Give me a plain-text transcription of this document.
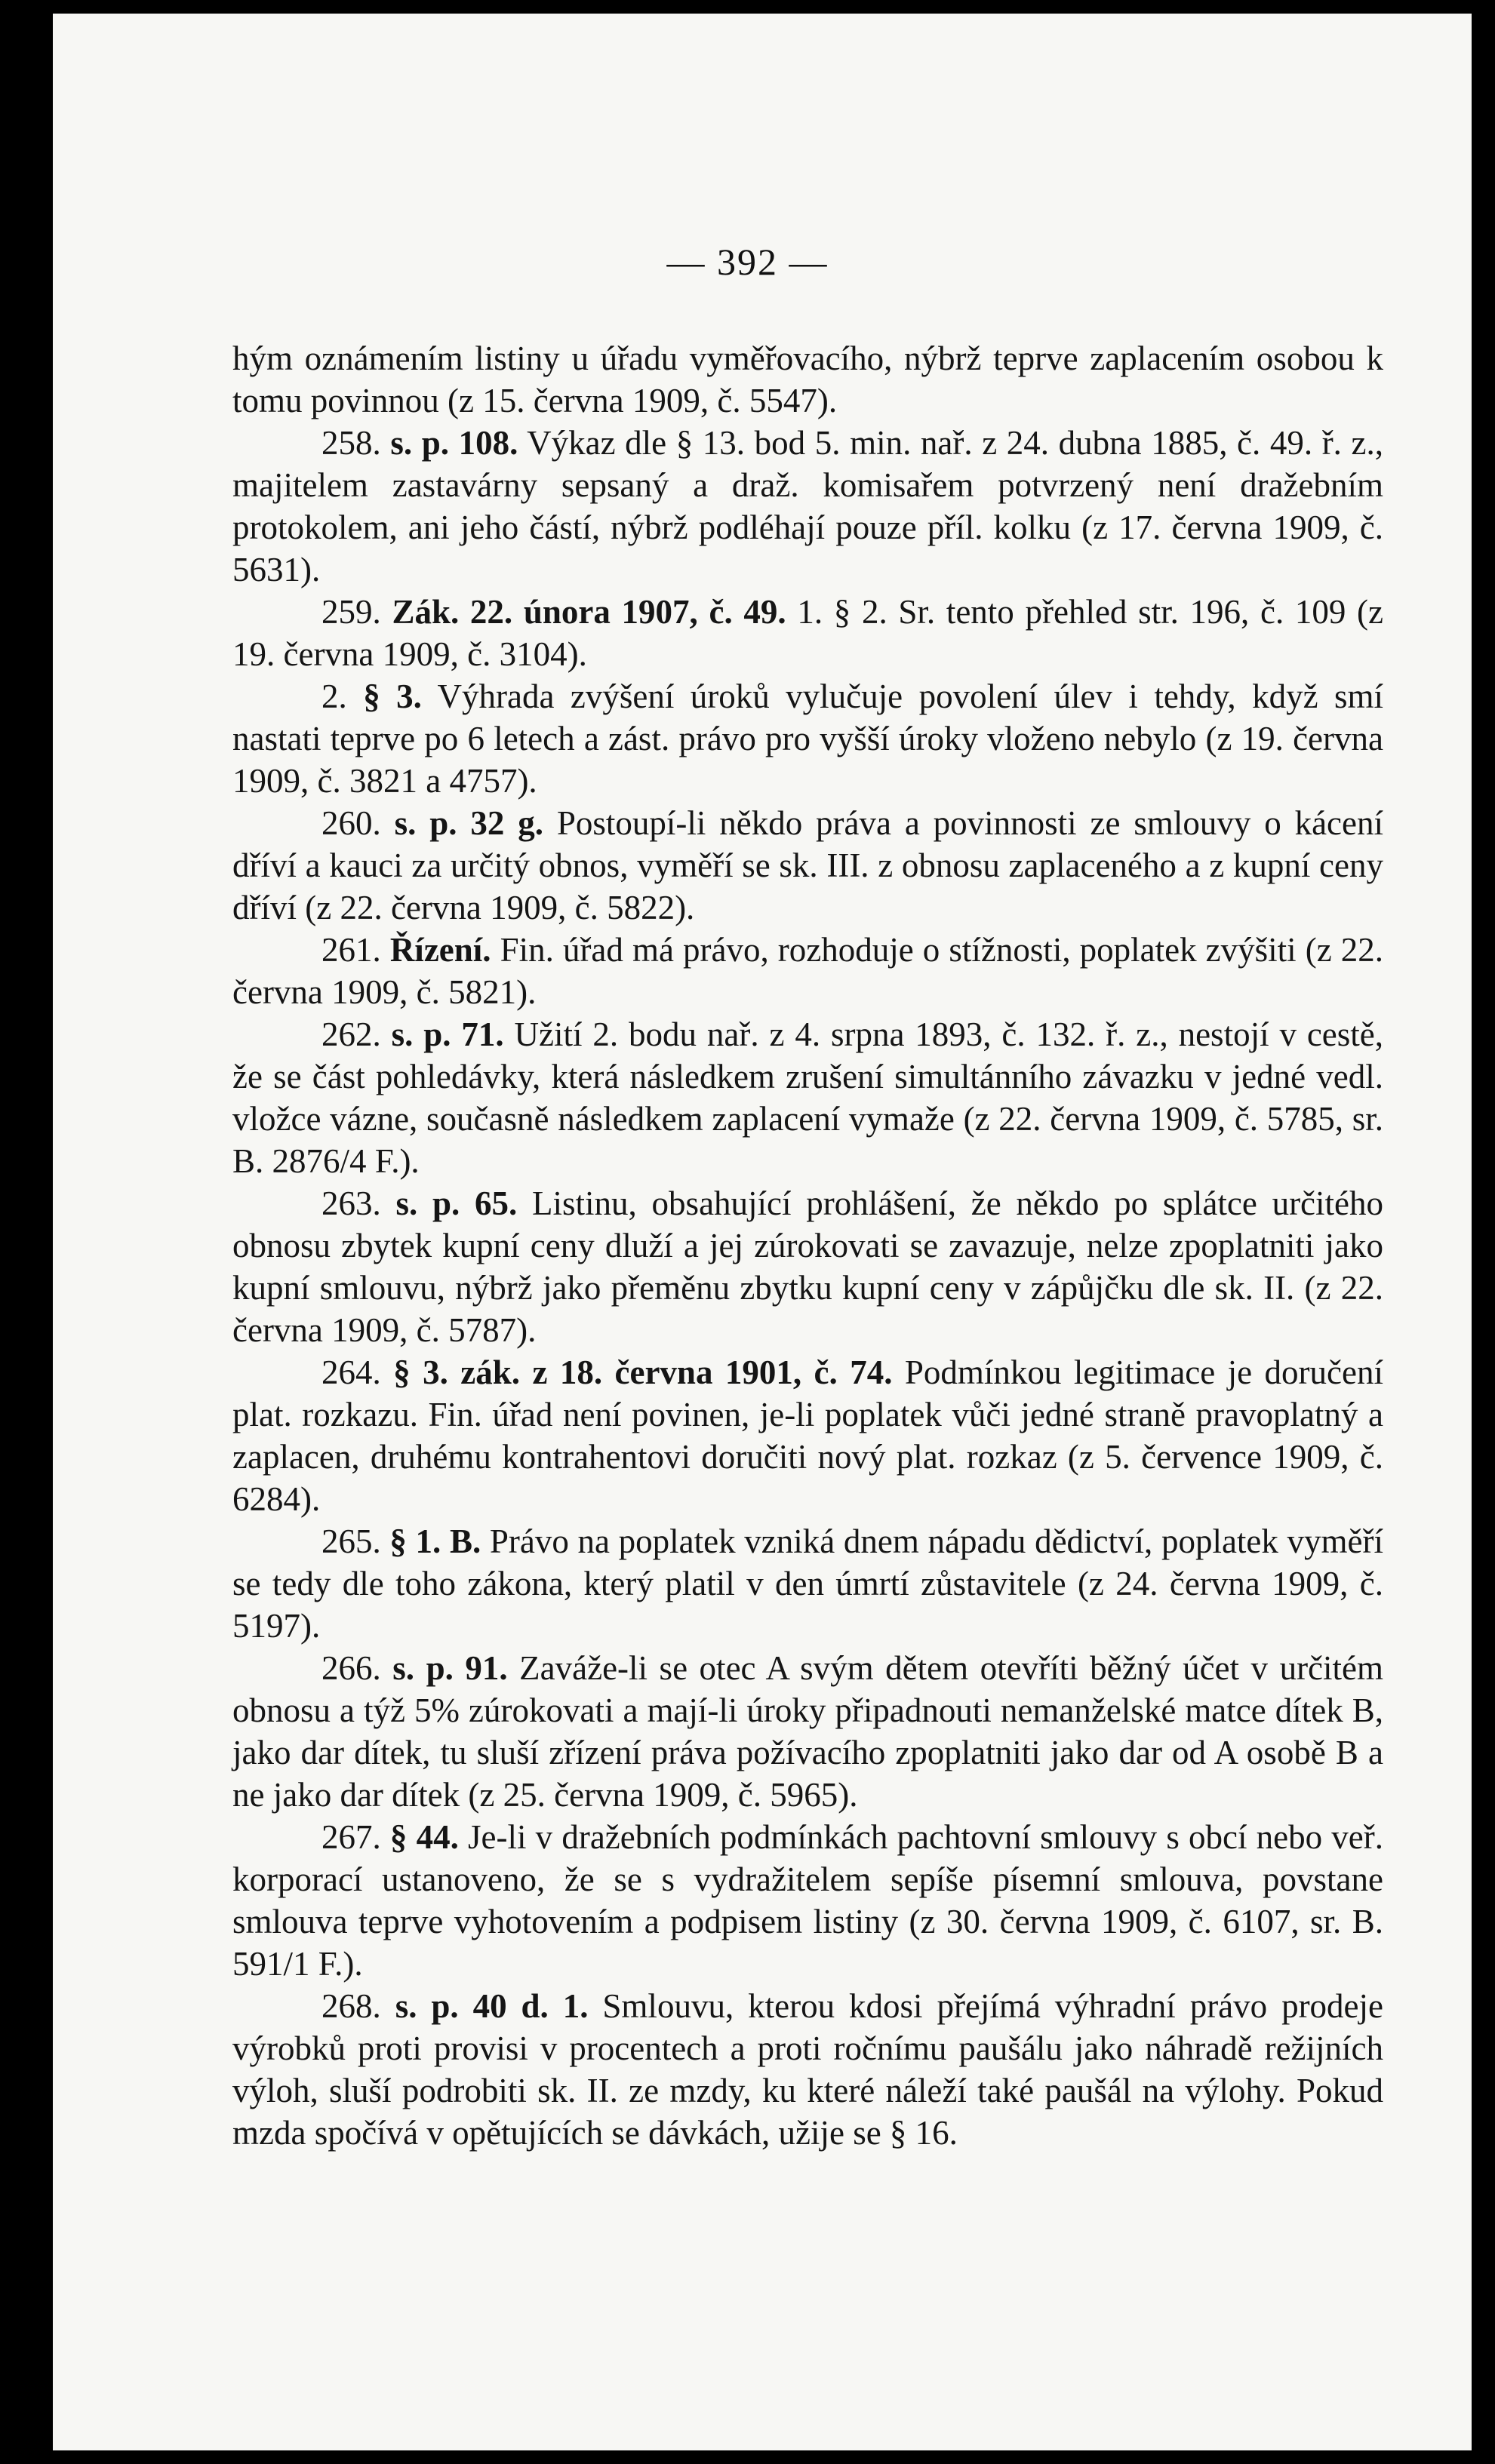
— 392 —

hým oznámením listiny u úřadu vyměřovacího, nýbrž teprve zaplacením osobou k tomu povinnou (z 15. června 1909, č. 5547).

258. s. p. 108. Výkaz dle § 13. bod 5. min. nař. z 24. dubna 1885, č. 49. ř. z., majitelem zastavárny sepsaný a draž. komisařem potvrzený není dražebním protokolem, ani jeho částí, nýbrž podléhají pouze příl. kolku (z 17. června 1909, č. 5631).

259. Zák. 22. února 1907, č. 49. 1. § 2. Sr. tento přehled str. 196, č. 109 (z 19. června 1909, č. 3104).

2. § 3. Výhrada zvýšení úroků vylučuje povolení úlev i tehdy, když smí nastati teprve po 6 letech a zást. právo pro vyšší úroky vloženo nebylo (z 19. června 1909, č. 3821 a 4757).

260. s. p. 32 g. Postoupí-li někdo práva a povinnosti ze smlouvy o kácení dříví a kauci za určitý obnos, vyměří se sk. III. z obnosu zaplaceného a z kupní ceny dříví (z 22. června 1909, č. 5822).

261. Řízení. Fin. úřad má právo, rozhoduje o stížnosti, poplatek zvýšiti (z 22. června 1909, č. 5821).

262. s. p. 71. Užití 2. bodu nař. z 4. srpna 1893, č. 132. ř. z., nestojí v cestě, že se část pohledávky, která následkem zrušení simultánního závazku v jedné vedl. vložce vázne, současně následkem zaplacení vymaže (z 22. června 1909, č. 5785, sr. B. 2876/4 F.).

263. s. p. 65. Listinu, obsahující prohlášení, že někdo po splátce určitého obnosu zbytek kupní ceny dluží a jej zúrokovati se zavazuje, nelze zpoplatniti jako kupní smlouvu, nýbrž jako přeměnu zbytku kupní ceny v zápůjčku dle sk. II. (z 22. června 1909, č. 5787).

264. § 3. zák. z 18. června 1901, č. 74. Podmínkou legitimace je doručení plat. rozkazu. Fin. úřad není povinen, je-li poplatek vůči jedné straně pravoplatný a zaplacen, druhému kontrahentovi doručiti nový plat. rozkaz (z 5. července 1909, č. 6284).

265. § 1. B. Právo na poplatek vzniká dnem nápadu dědictví, poplatek vyměří se tedy dle toho zákona, který platil v den úmrtí zůstavitele (z 24. června 1909, č. 5197).

266. s. p. 91. Zaváže-li se otec A svým dětem otevříti běžný účet v určitém obnosu a týž 5% zúrokovati a mají-li úroky připadnouti nemanželské matce dítek B, jako dar dítek, tu sluší zřízení práva požívacího zpoplatniti jako dar od A osobě B a ne jako dar dítek (z 25. června 1909, č. 5965).

267. § 44. Je-li v dražebních podmínkách pachtovní smlouvy s obcí nebo veř. korporací ustanoveno, že se s vydražitelem sepíše písemní smlouva, povstane smlouva teprve vyhotovením a podpisem listiny (z 30. června 1909, č. 6107, sr. B. 591/1 F.).

268. s. p. 40 d. 1. Smlouvu, kterou kdosi přejímá výhradní právo prodeje výrobků proti provisi v procentech a proti ročnímu paušálu jako náhradě režijních výloh, sluší podrobiti sk. II. ze mzdy, ku které náleží také paušál na výlohy. Pokud mzda spočívá v opětujících se dávkách, užije se § 16.
